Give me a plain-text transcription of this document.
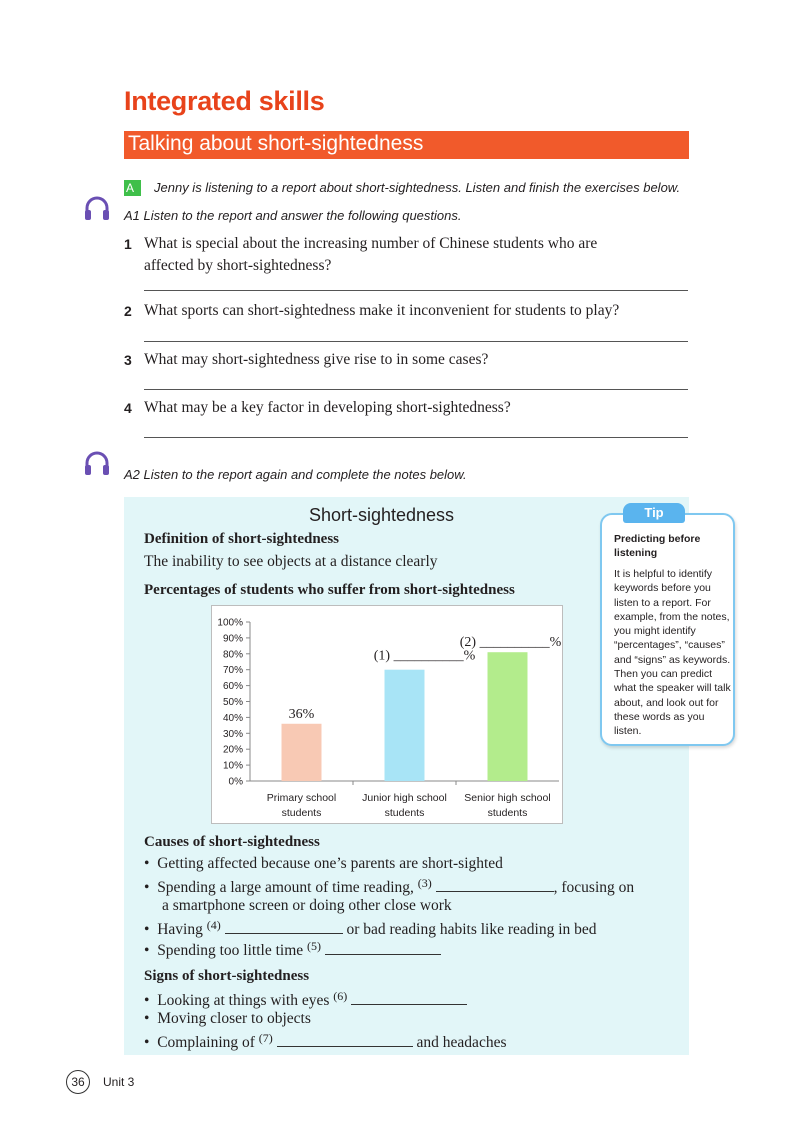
Integrated skills
Talking about short-sightedness
A	Jenny is listening to a report about short-sightedness. Listen and finish the exercises below.
A1 Listen to the report and answer the following questions.
1 What is special about the increasing number of Chinese students who are
affected by short-sightedness?
2 What sports can short-sightedness make it inconvenient for students to play?
3 What may short-sightedness give rise to in some cases?
4 What may be a key factor in developing short-sightedness?
A2 Listen to the report again and complete the notes below.
Short-sightedness
Definition of short-sightedness
The inability to see objects at a distance clearly
Percentages of students who suffer from short-sightedness
0%
10%
20%
30%
40%
50%
60%
70%
80%
90%
100%
Primary school
students
36%
Junior high school
students
(1) __________%
Senior high school
students
(2) __________%
Causes of short-sightedness
• Getting affected because one’s parents are short-sighted
• Spending a large amount of time reading, $^{(3)}$	, focusing on
a smartphone screen or doing other close work
• Having $^{(4)}$	or bad reading habits like reading in bed
• Spending too little time $^{(5)}$
Signs of short-sightedness
• Looking at things with eyes $^{(6)}$
• Moving closer to objects
• Complaining of $^{(7)}$	and headaches
Tip
Predicting before listening
It is helpful to identify keywords before you listen to a report. For example, from the notes, you might identify “percentages”, “causes” and “signs” as keywords. Then you can predict what the speaker will talk about, and look out for these words as you listen.
36	Unit 3
